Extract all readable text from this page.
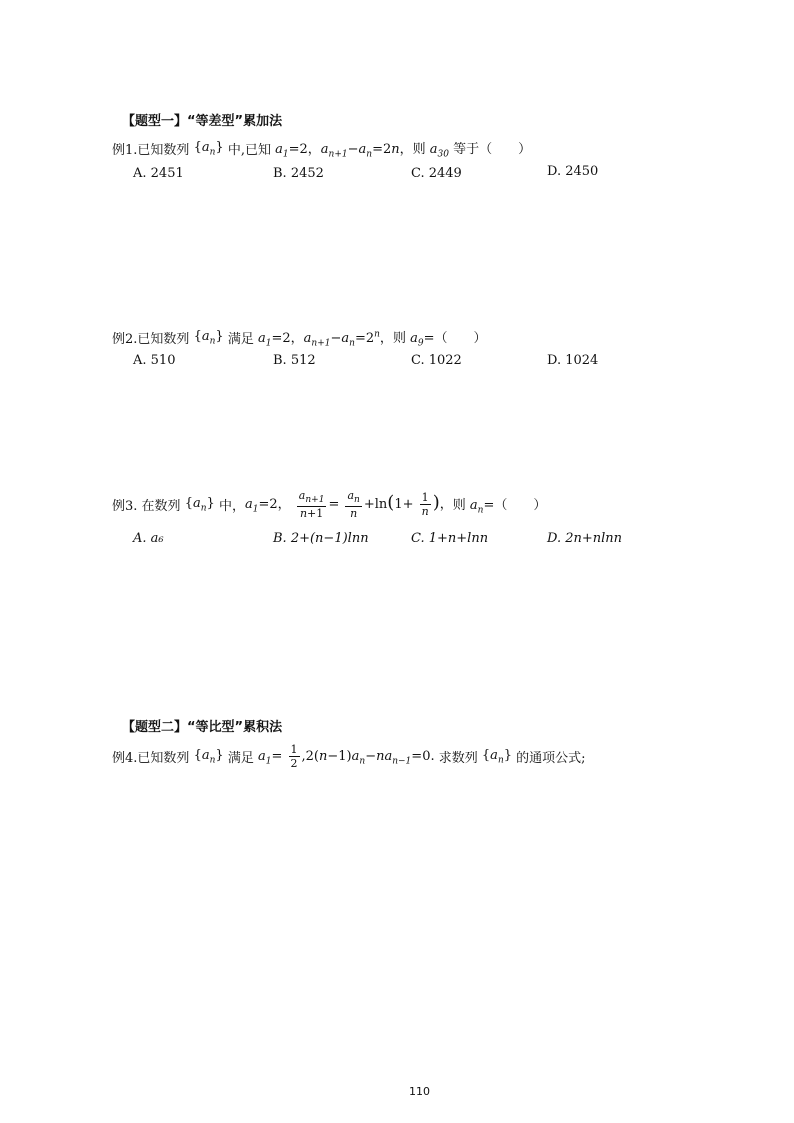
【题型一】“等差型”累加法
例1. 已知数列 $\{a_n\}$ 中,已知 $a_1=2$，$a_{n+1}-a_n=2n$， 则 $a_{30}$ 等于（　　）
A. 2451	B. 2452	C. 2449	D. 2450
例2. 已知数列 $\{a_n\}$ 满足 $a_1=2$，$a_{n+1}-a_n=2^n$， 则 $a_9=$（　　）
A. 510	B. 512	C. 1022	D. 1024
例3.
在数列 $\{a_n\}$ 中， $a_1=2$， $\frac{a_{n+1}}{n+1} = \frac{a_n}{n} +\ln(1+ \frac{1}{n}$ )， 则 $a_n=$（　　）
A. a₆	B. 2+(n−1)lnn	C. 1+n+lnn	D. 2n+nlnn
【题型二】“等比型”累积法
例4. 已知数列 $\{a_n\}$ 满足 $a_1= \frac{1}{2} ,2(n-1)a_n-na_{n-1}=0$. 求数列 $\{a_n\}$ 的通项公式;
110
